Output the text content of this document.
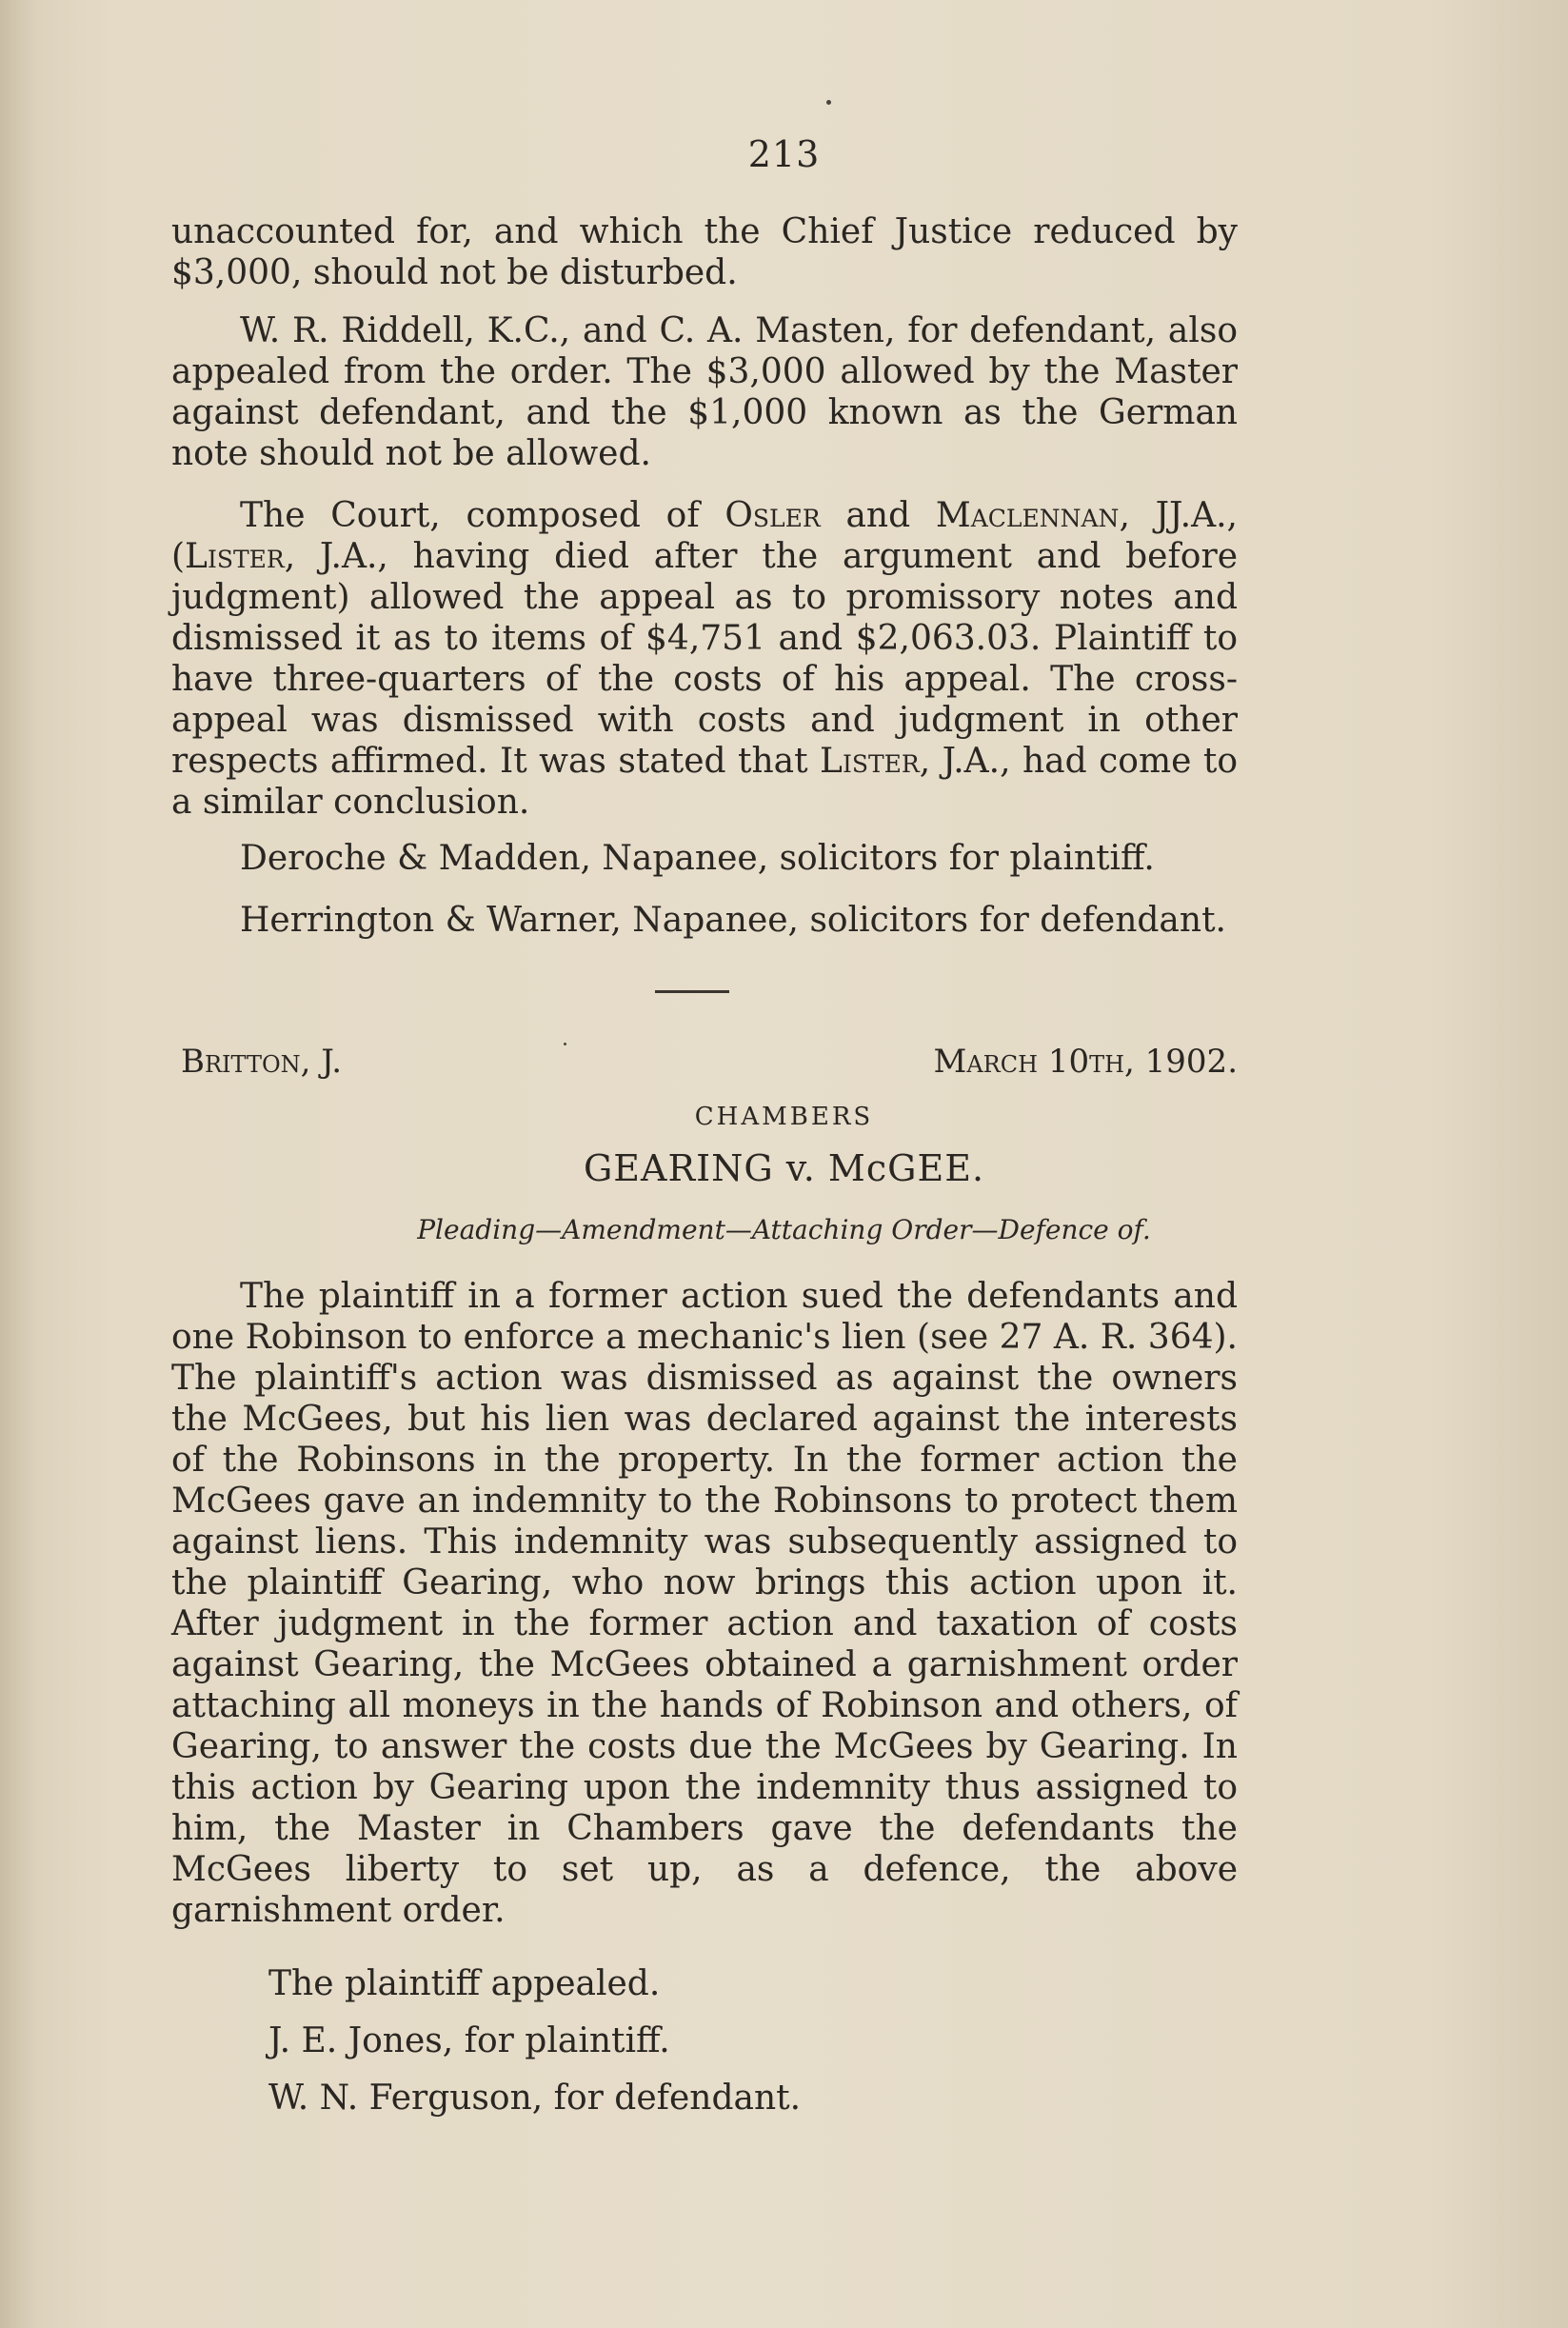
213

unaccounted for, and which the Chief Justice reduced by $3,000, should not be disturbed.

W. R. Riddell, K.C., and C. A. Masten, for defendant, also appealed from the order. The $3,000 allowed by the Master against defendant, and the $1,000 known as the German note should not be allowed.

The Court, composed of Osler and Maclennan, JJ.A., (Lister, J.A., having died after the argument and before judgment) allowed the appeal as to promissory notes and dismissed it as to items of $4,751 and $2,063.03. Plaintiff to have three-quarters of the costs of his appeal. The cross-appeal was dismissed with costs and judgment in other respects affirmed. It was stated that Lister, J.A., had come to a similar conclusion.

Deroche & Madden, Napanee, solicitors for plaintiff.
Herrington & Warner, Napanee, solicitors for defendant.
Britton, J.	March 10th, 1902.
CHAMBERS
GEARING v. McGEE.
Pleading—Amendment—Attaching Order—Defence of.

The plaintiff in a former action sued the defendants and one Robinson to enforce a mechanic's lien (see 27 A. R. 364). The plaintiff's action was dismissed as against the owners the McGees, but his lien was declared against the interests of the Robinsons in the property. In the former action the McGees gave an indemnity to the Robinsons to protect them against liens. This indemnity was subsequently assigned to the plaintiff Gearing, who now brings this action upon it. After judgment in the former action and taxation of costs against Gearing, the McGees obtained a garnishment order attaching all moneys in the hands of Robinson and others, of Gearing, to answer the costs due the McGees by Gearing. In this action by Gearing upon the indemnity thus assigned to him, the Master in Chambers gave the defendants the McGees liberty to set up, as a defence, the above garnishment order.

The plaintiff appealed.
J. E. Jones, for plaintiff.
W. N. Ferguson, for defendant.
